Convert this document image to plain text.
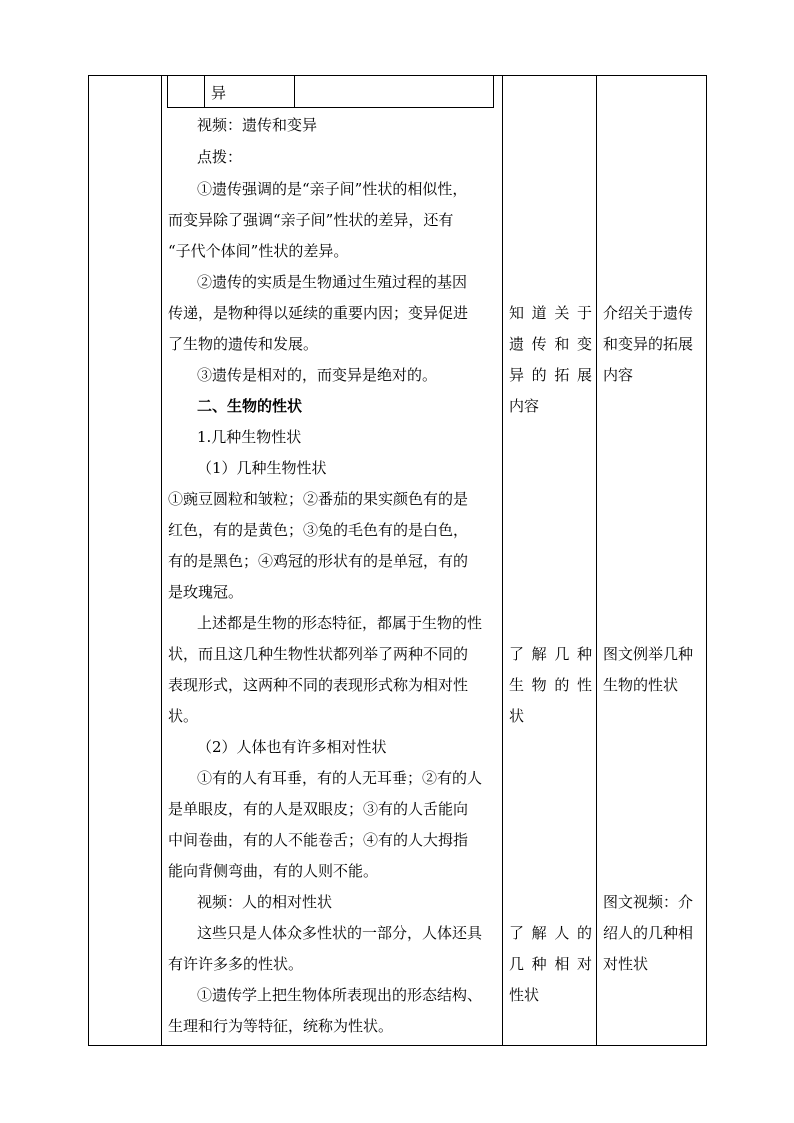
异
视频：遗传和变异
点拨：
①遗传强调的是“亲子间”性状的相似性，
而变异除了强调“亲子间”性状的差异，还有
“子代个体间”性状的差异。
②遗传的实质是生物通过生殖过程的基因
传递，是物种得以延续的重要内因；变异促进
了生物的遗传和发展。
③遗传是相对的，而变异是绝对的。
二、生物的性状
1.几种生物性状
（1）几种生物性状
①豌豆圆粒和皱粒；②番茄的果实颜色有的是
红色，有的是黄色；③兔的毛色有的是白色，
有的是黑色；④鸡冠的形状有的是单冠，有的
是玫瑰冠。
上述都是生物的形态特征，都属于生物的性
状，而且这几种生物性状都列举了两种不同的
表现形式，这两种不同的表现形式称为相对性
状。
（2）人体也有许多相对性状
①有的人有耳垂，有的人无耳垂；②有的人
是单眼皮，有的人是双眼皮；③有的人舌能向
中间卷曲，有的人不能卷舌；④有的人大拇指
能向背侧弯曲，有的人则不能。
视频：人的相对性状
这些只是人体众多性状的一部分，人体还具
有许许多多的性状。
①遗传学上把生物体所表现出的形态结构、
生理和行为等特征，统称为性状。
知道关于
遗传和变
异的拓展
内容
了解几种
生物的性
状
了解人的
几种相对
性状
介绍关于遗传
和变异的拓展
内容
图文例举几种
生物的性状
图文视频：介
绍人的几种相
对性状
